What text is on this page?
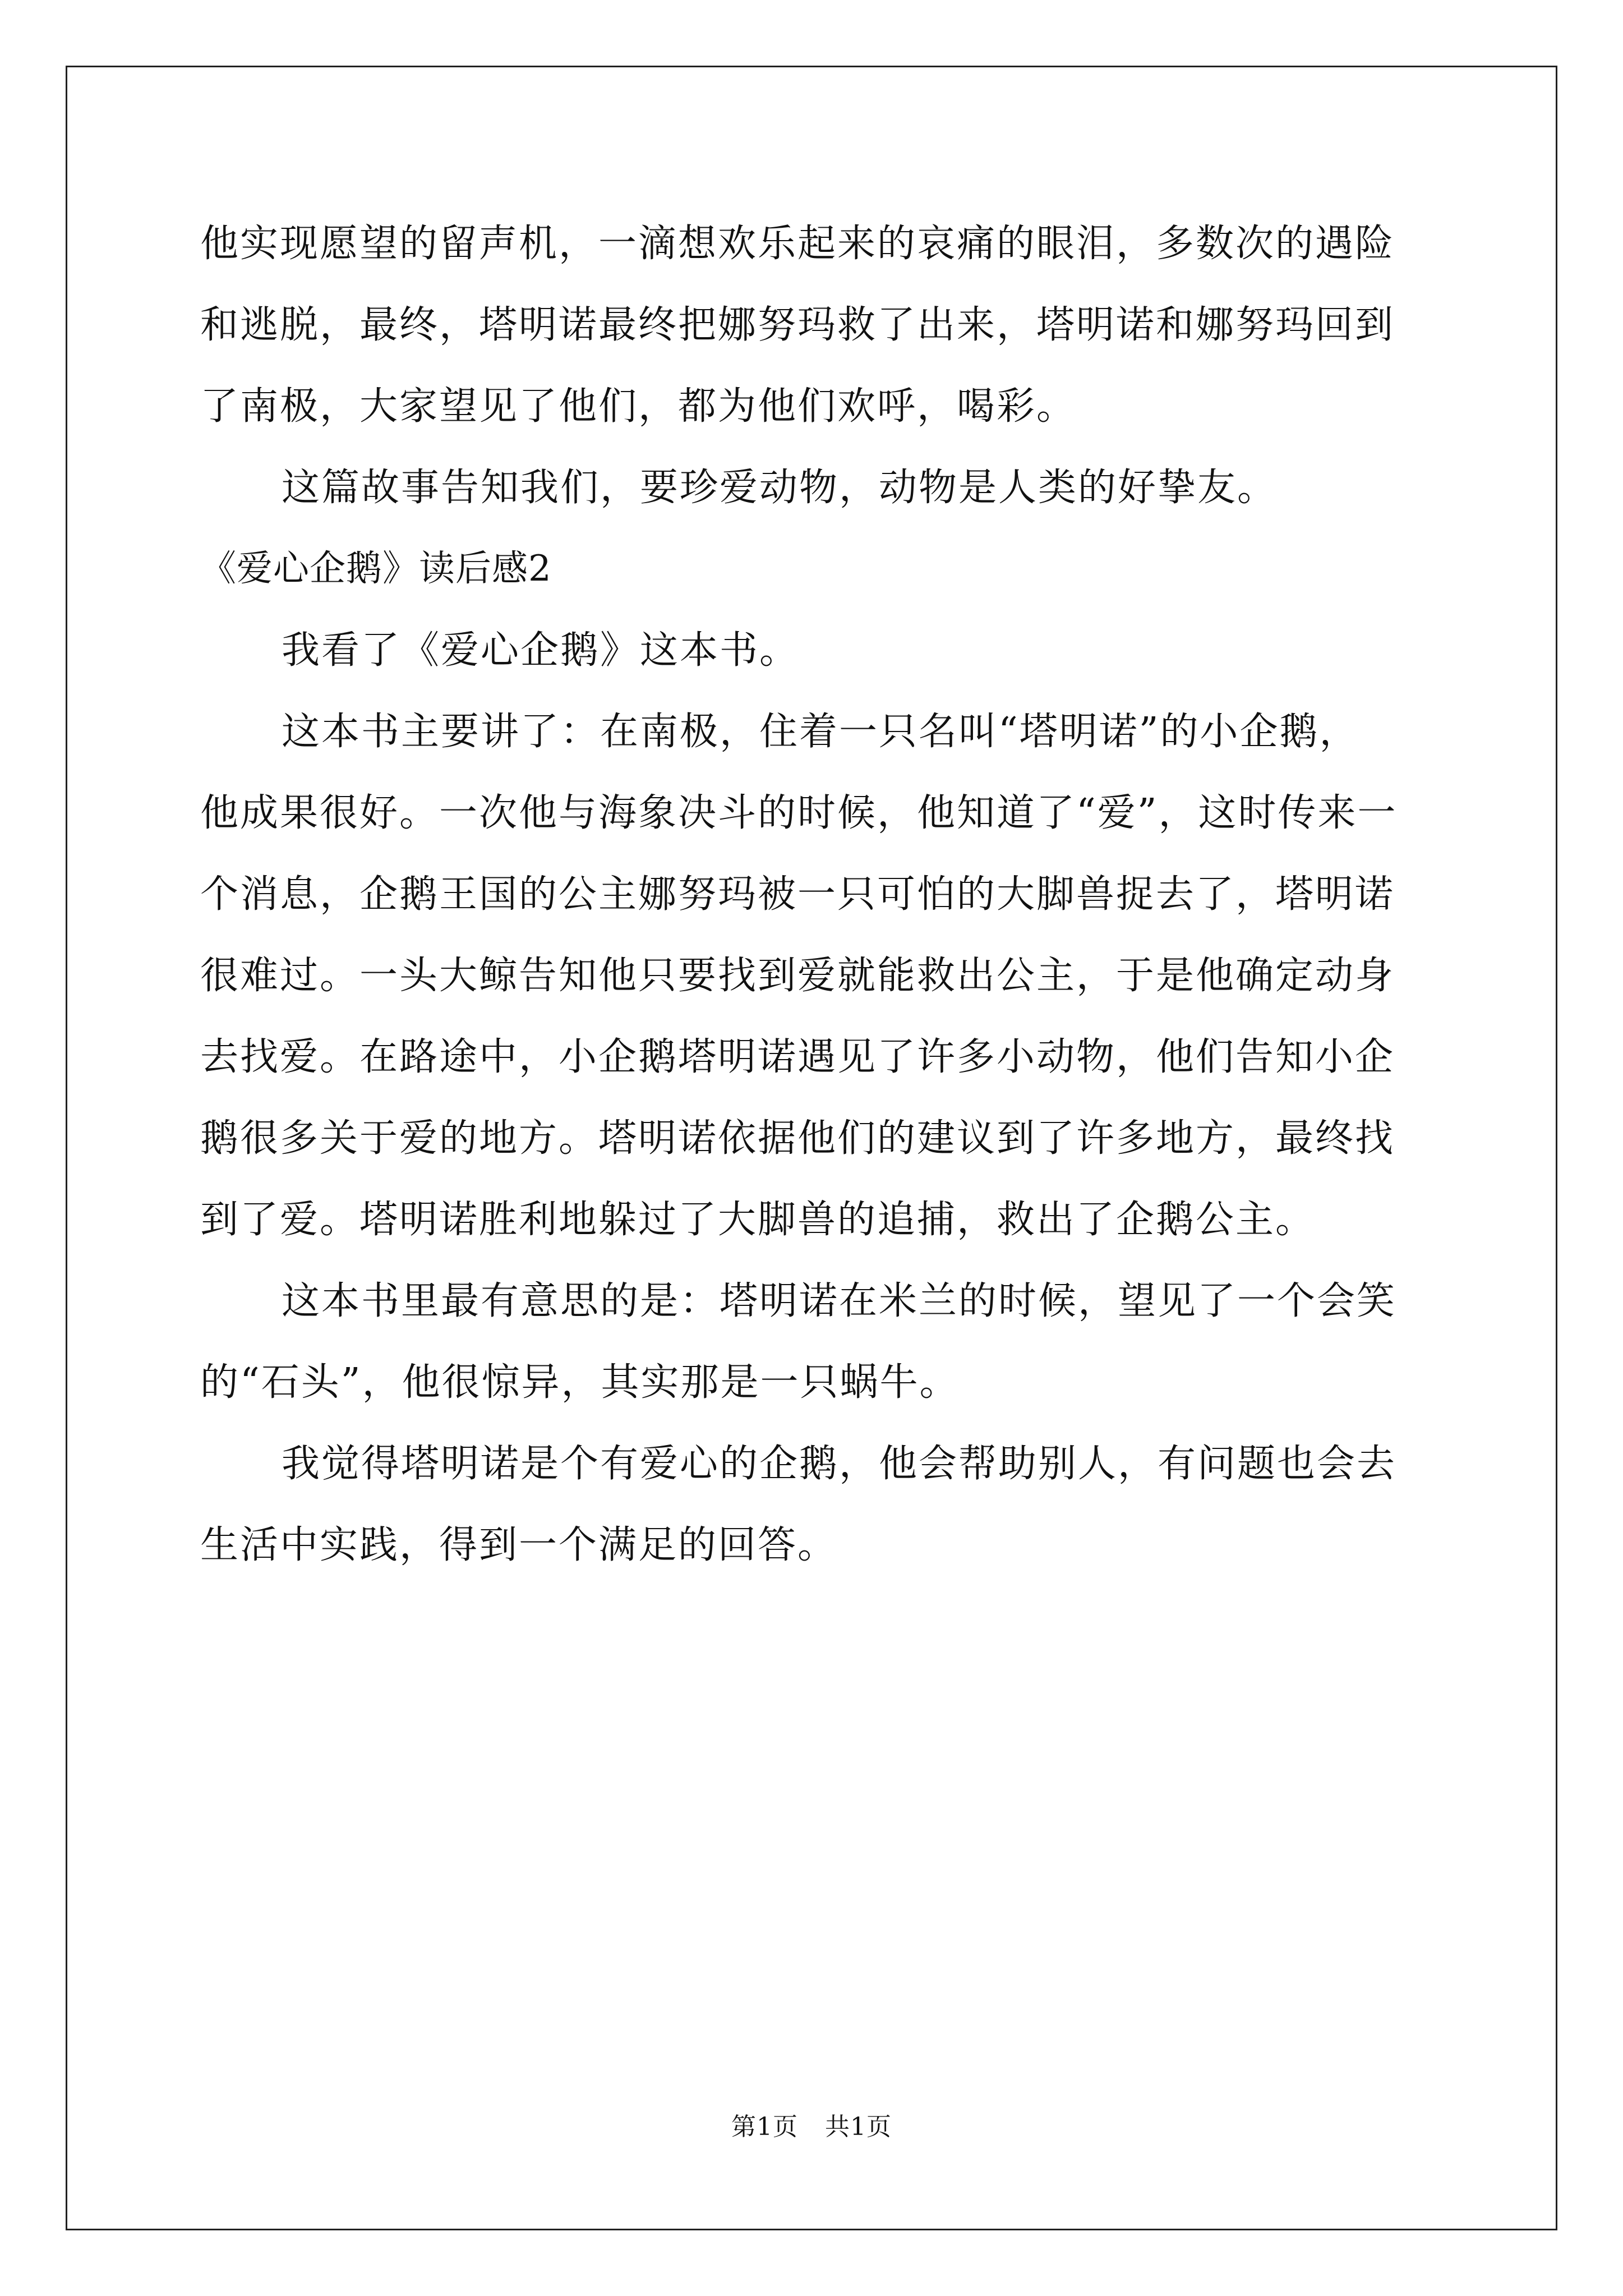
他实现愿望的留声机，一滴想欢乐起来的哀痛的眼泪，多数次的遇险
和逃脱，最终，塔明诺最终把娜努玛救了出来，塔明诺和娜努玛回到
了南极，大家望见了他们，都为他们欢呼，喝彩。
这篇故事告知我们，要珍爱动物，动物是人类的好挚友。
《爱心企鹅》读后感2
我看了《爱心企鹅》这本书。
这本书主要讲了：在南极，住着一只名叫“塔明诺”的小企鹅，
他成果很好。一次他与海象决斗的时候，他知道了“爱”，这时传来一
个消息，企鹅王国的公主娜努玛被一只可怕的大脚兽捉去了，塔明诺
很难过。一头大鲸告知他只要找到爱就能救出公主，于是他确定动身
去找爱。在路途中，小企鹅塔明诺遇见了许多小动物，他们告知小企
鹅很多关于爱的地方。塔明诺依据他们的建议到了许多地方，最终找
到了爱。塔明诺胜利地躲过了大脚兽的追捕，救出了企鹅公主。
这本书里最有意思的是：塔明诺在米兰的时候，望见了一个会笑
的“石头”，他很惊异，其实那是一只蜗牛。
我觉得塔明诺是个有爱心的企鹅，他会帮助别人，有问题也会去
生活中实践，得到一个满足的回答。
第1页 共1页
